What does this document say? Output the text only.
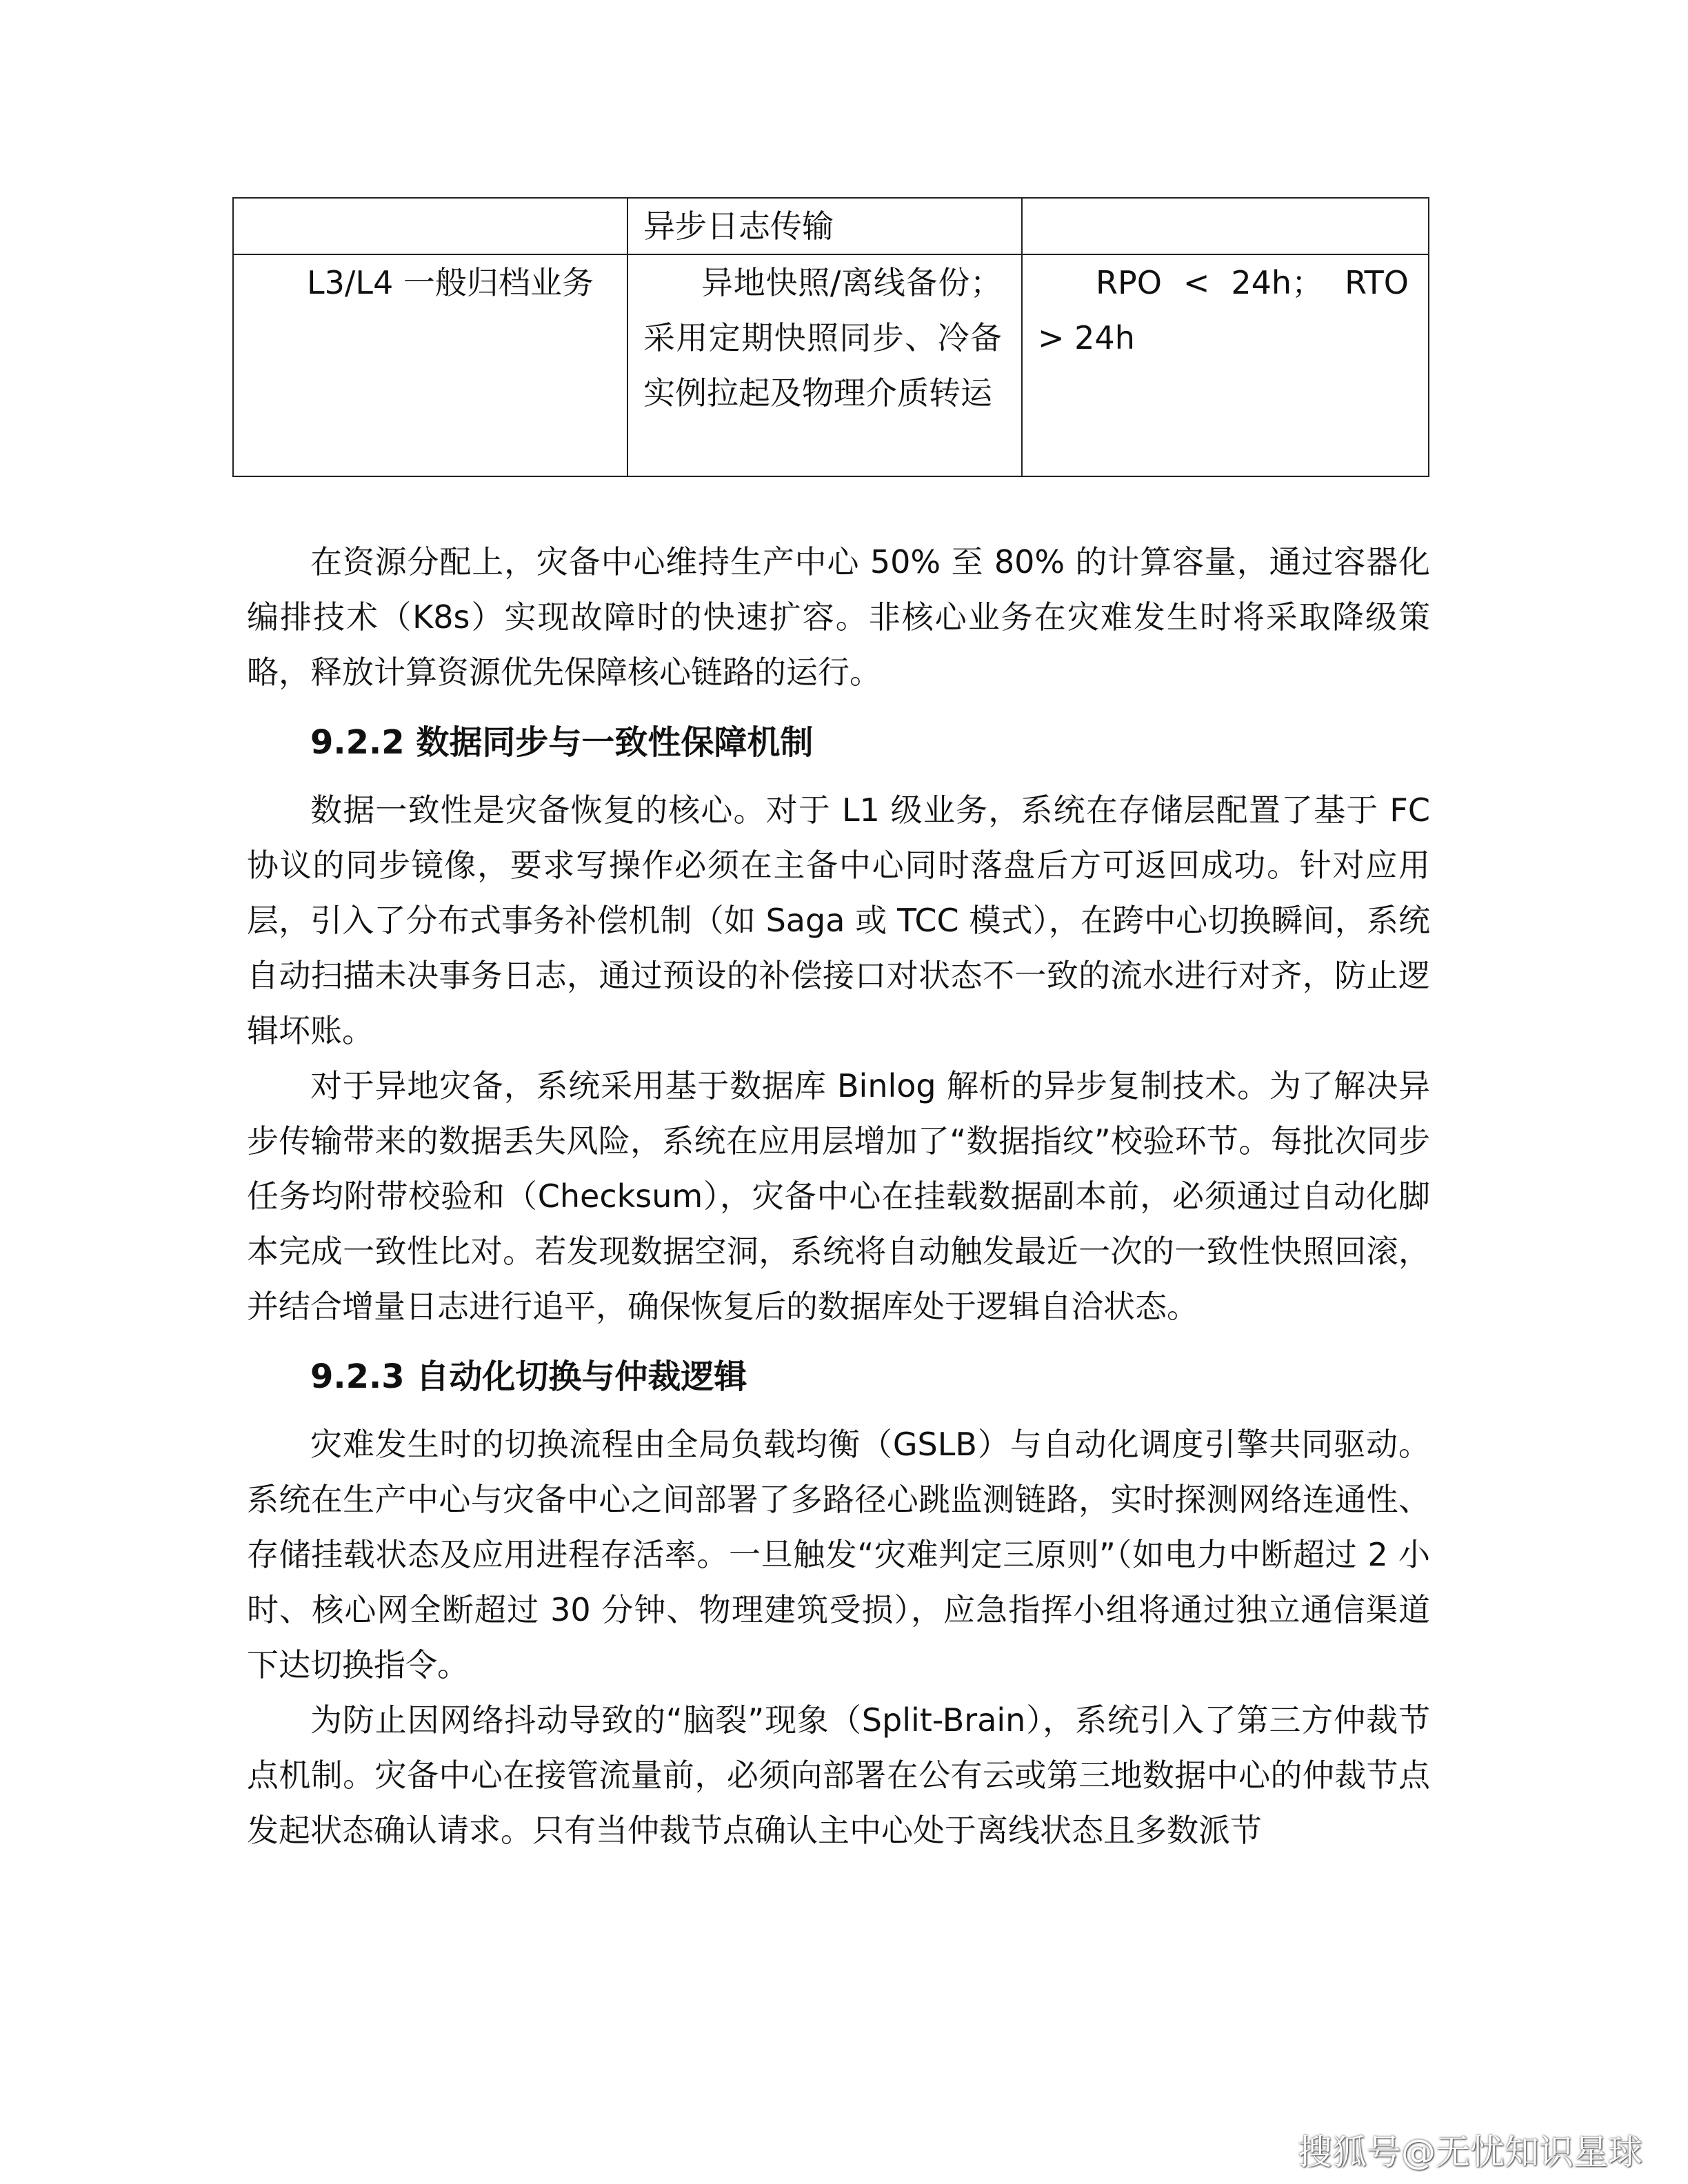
	异步日志传输	
L3/L4 一般归档业务	异地快照/离线备份；采用定期快照同步、冷备实例拉起及物理介质转运	RPO < 24h； RTO > 24h

在资源分配上，灾备中心维持生产中心 50% 至 80% 的计算容量，通过容器化编排技术（K8s）实现故障时的快速扩容。非核心业务在灾难发生时将采取降级策略，释放计算资源优先保障核心链路的运行。

9.2.2 数据同步与一致性保障机制

数据一致性是灾备恢复的核心。对于 L1 级业务，系统在存储层配置了基于 FC 协议的同步镜像，要求写操作必须在主备中心同时落盘后方可返回成功。针对应用层，引入了分布式事务补偿机制（如 Saga 或 TCC 模式），在跨中心切换瞬间，系统自动扫描未决事务日志，通过预设的补偿接口对状态不一致的流水进行对齐，防止逻辑坏账。

对于异地灾备，系统采用基于数据库 Binlog 解析的异步复制技术。为了解决异步传输带来的数据丢失风险，系统在应用层增加了“数据指纹”校验环节。每批次同步任务均附带校验和（Checksum），灾备中心在挂载数据副本前，必须通过自动化脚本完成一致性比对。若发现数据空洞，系统将自动触发最近一次的一致性快照回滚，并结合增量日志进行追平，确保恢复后的数据库处于逻辑自洽状态。

9.2.3 自动化切换与仲裁逻辑

灾难发生时的切换流程由全局负载均衡（GSLB）与自动化调度引擎共同驱动。系统在生产中心与灾备中心之间部署了多路径心跳监测链路，实时探测网络连通性、存储挂载状态及应用进程存活率。一旦触发“灾难判定三原则”（如电力中断超过 2 小时、核心网全断超过 30 分钟、物理建筑受损），应急指挥小组将通过独立通信渠道下达切换指令。

为防止因网络抖动导致的“脑裂”现象（Split-Brain），系统引入了第三方仲裁节点机制。灾备中心在接管流量前，必须向部署在公有云或第三地数据中心的仲裁节点发起状态确认请求。只有当仲裁节点确认主中心处于离线状态且多数派节

搜狐号@无忧知识星球
